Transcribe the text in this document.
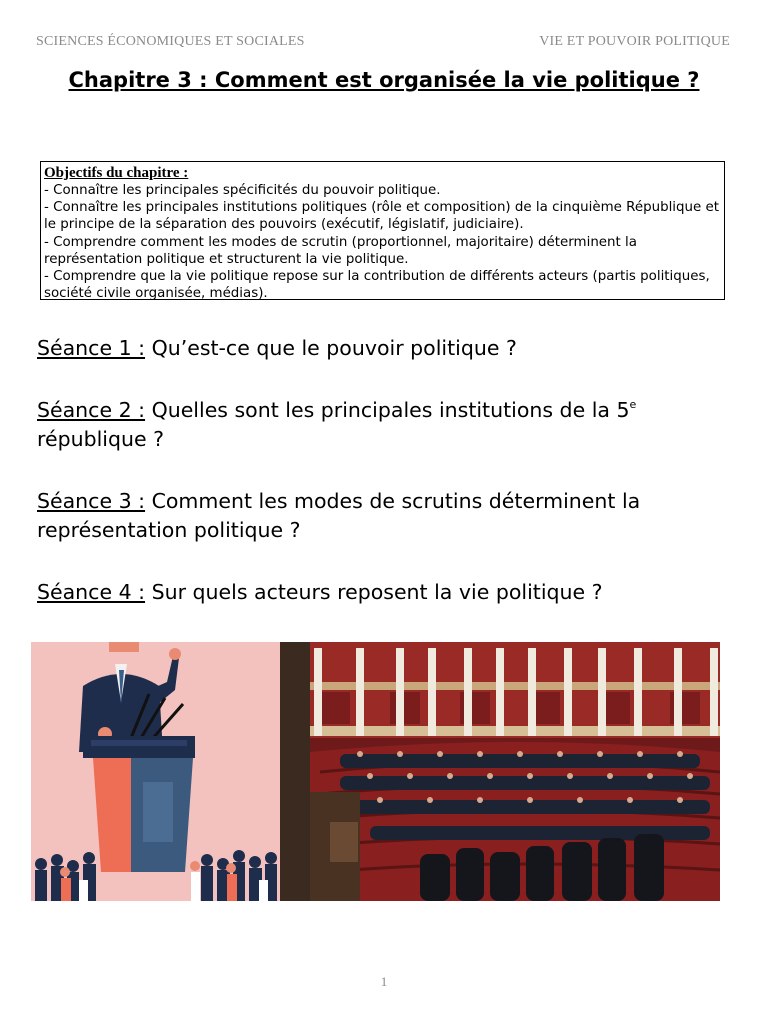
SCIENCES ÉCONOMIQUES ET SOCIALES	VIE ET POUVOIR POLITIQUE
Chapitre 3 : Comment est organisée la vie politique ?
Objectifs du chapitre :
- Connaître les principales spécificités du pouvoir politique.
- Connaître les principales institutions politiques (rôle et composition) de la cinquième République et le principe de la séparation des pouvoirs (exécutif, législatif, judiciaire).
- Comprendre comment les modes de scrutin (proportionnel, majoritaire) déterminent la représentation politique et structurent la vie politique.
- Comprendre que la vie politique repose sur la contribution de différents acteurs (partis politiques, société civile organisée, médias).
Séance 1 : Qu’est-ce que le pouvoir politique ?
Séance 2 : Quelles sont les principales institutions de la 5e
république ?
Séance 3 : Comment les modes de scrutins déterminent la représentation politique ?
Séance 4 : Sur quels acteurs reposent la vie politique ?
1
